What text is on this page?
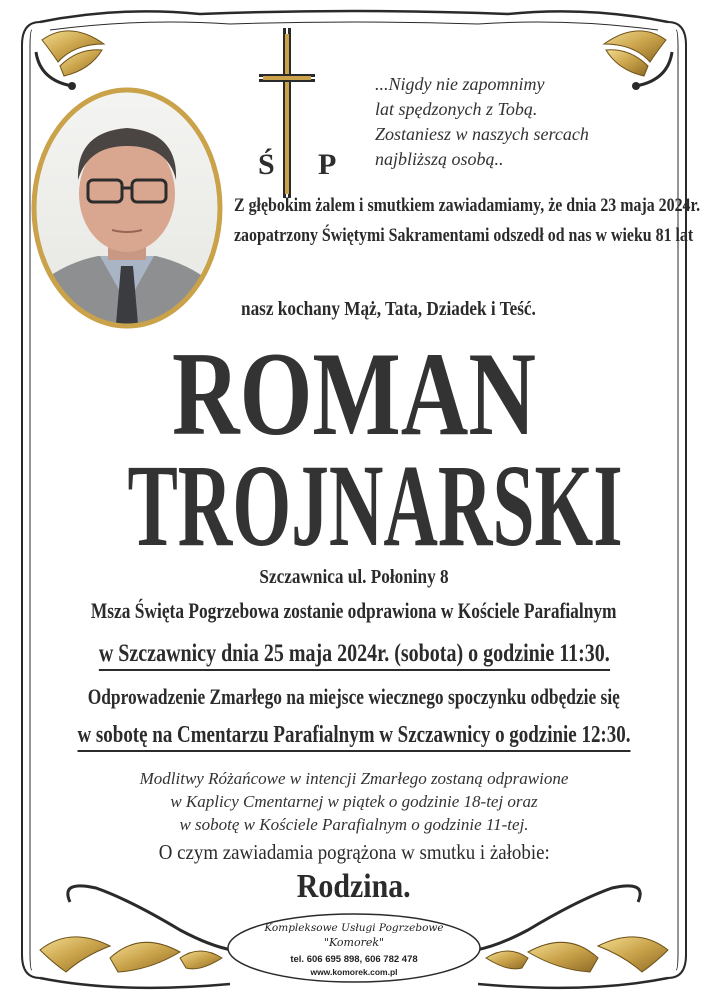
Ś P
...Nigdy nie zapomnimy
lat spędzonych z Tobą.
Zostaniesz w naszych sercach
najbliższą osobą..
Z głębokim żalem i smutkiem zawiadamiamy, że dnia 23 maja 2024r.
zaopatrzony Świętymi Sakramentami odszedł od nas w wieku 81 lat
nasz kochany Mąż, Tata, Dziadek i Teść.
ROMAN
TROJNARSKI
Szczawnica ul. Połoniny 8
Msza Święta Pogrzebowa zostanie odprawiona w Kościele Parafialnym
w Szczawnicy dnia 25 maja 2024r. (sobota) o godzinie 11:30.
Odprowadzenie Zmarłego na miejsce wiecznego spoczynku odbędzie się
w sobotę na Cmentarzu Parafialnym w Szczawnicy o godzinie 12:30.
Modlitwy Różańcowe w intencji Zmarłego zostaną odprawione
w Kaplicy Cmentarnej w piątek o godzinie 18-tej oraz
w sobotę w Kościele Parafialnym o godzinie 11-tej.
O czym zawiadamia pogrążona w smutku i żałobie:
Rodzina.
Kompleksowe Usługi Pogrzebowe
"Komorek"
tel. 606 695 898, 606 782 478
www.komorek.com.pl
